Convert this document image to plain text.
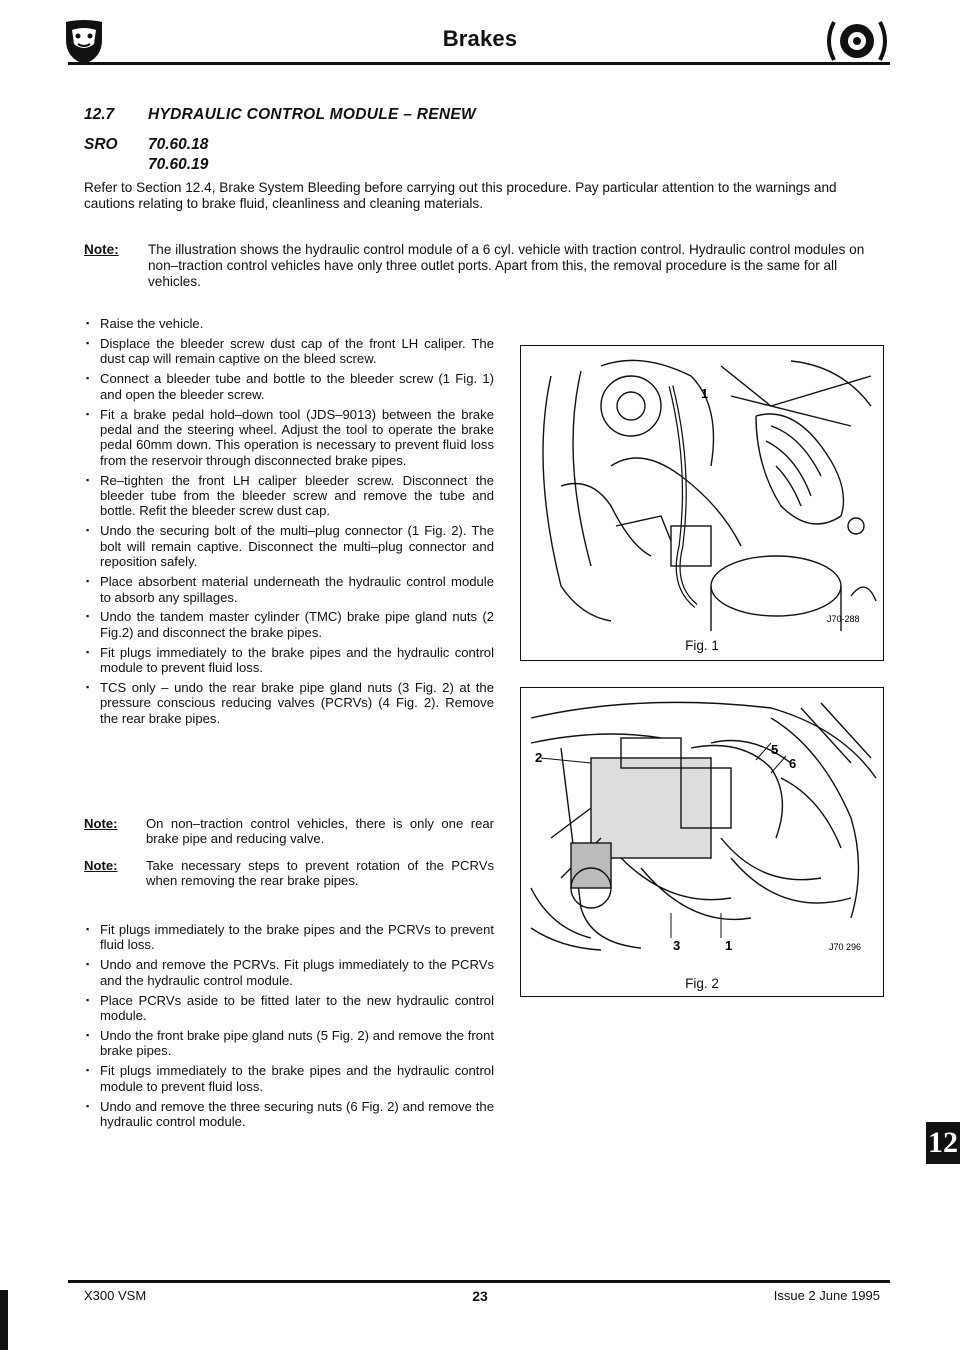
Brakes
12.7 HYDRAULIC CONTROL MODULE – RENEW
SRO 70.60.18
70.60.19
Refer to Section 12.4, Brake System Bleeding before carrying out this procedure. Pay particular attention to the warnings and cautions relating to brake fluid, cleanliness and cleaning materials.
Note: The illustration shows the hydraulic control module of a 6 cyl. vehicle with traction control. Hydraulic control modules on non–traction control vehicles have only three outlet ports. Apart from this, the removal procedure is the same for all vehicles.
▪ Raise the vehicle.
▪ Displace the bleeder screw dust cap of the front LH caliper. The dust cap will remain captive on the bleed screw.
▪ Connect a bleeder tube and bottle to the bleeder screw (1 Fig. 1) and open the bleeder screw.
▪ Fit a brake pedal hold–down tool (JDS–9013) between the brake pedal and the steering wheel. Adjust the tool to operate the brake pedal 60mm down. This operation is necessary to prevent fluid loss from the reservoir through disconnected brake pipes.
▪ Re–tighten the front LH caliper bleeder screw. Disconnect the bleeder tube from the bleeder screw and remove the tube and bottle. Refit the bleeder screw dust cap.
▪ Undo the securing bolt of the multi–plug connector (1 Fig. 2). The bolt will remain captive. Disconnect the multi–plug connector and reposition safely.
▪ Place absorbent material underneath the hydraulic control module to absorb any spillages.
▪ Undo the tandem master cylinder (TMC) brake pipe gland nuts (2 Fig.2) and disconnect the brake pipes.
▪ Fit plugs immediately to the brake pipes and the hydraulic control module to prevent fluid loss.
▪ TCS only – undo the rear brake pipe gland nuts (3 Fig. 2) at the pressure conscious reducing valves (PCRVs) (4 Fig. 2). Remove the rear brake pipes.
Note: On non–traction control vehicles, there is only one rear brake pipe and reducing valve.
Note: Take necessary steps to prevent rotation of the PCRVs when removing the rear brake pipes.
▪ Fit plugs immediately to the brake pipes and the PCRVs to prevent fluid loss.
▪ Undo and remove the PCRVs. Fit plugs immediately to the PCRVs and the hydraulic control module.
▪ Place PCRVs aside to be fitted later to the new hydraulic control module.
▪ Undo the front brake pipe gland nuts (5 Fig. 2) and remove the front brake pipes.
▪ Fit plugs immediately to the brake pipes and the hydraulic control module to prevent fluid loss.
▪ Undo and remove the three securing nuts (6 Fig. 2) and remove the hydraulic control module.
1
J70-288
Fig. 1
2
5
6
3	1	J70 296
Fig. 2
12
X300 VSM	23	Issue 2 June 1995
